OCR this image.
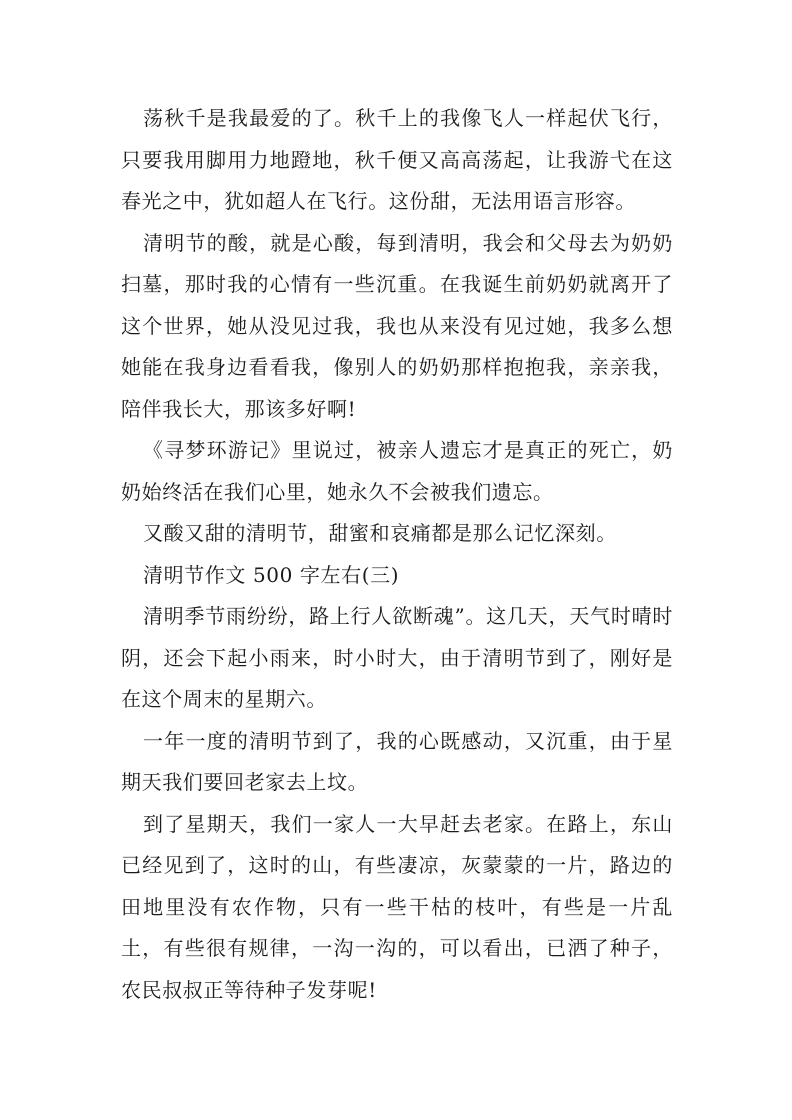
荡秋千是我最爱的了。秋千上的我像飞人一样起伏飞行，只要我用脚用力地蹬地，秋千便又高高荡起，让我游弋在这春光之中，犹如超人在飞行。这份甜，无法用语言形容。

清明节的酸，就是心酸，每到清明，我会和父母去为奶奶扫墓，那时我的心情有一些沉重。在我诞生前奶奶就离开了这个世界，她从没见过我，我也从来没有见过她，我多么想她能在我身边看看我，像别人的奶奶那样抱抱我，亲亲我，陪伴我长大，那该多好啊!

《寻梦环游记》里说过，被亲人遗忘才是真正的死亡，奶奶始终活在我们心里，她永久不会被我们遗忘。

又酸又甜的清明节，甜蜜和哀痛都是那么记忆深刻。

清明节作文 500 字左右(三)

清明季节雨纷纷，路上行人欲断魂”。这几天，天气时晴时阴，还会下起小雨来，时小时大，由于清明节到了，刚好是在这个周末的星期六。

一年一度的清明节到了，我的心既感动，又沉重，由于星期天我们要回老家去上坟。

到了星期天，我们一家人一大早赶去老家。在路上，东山已经见到了，这时的山，有些凄凉，灰蒙蒙的一片，路边的田地里没有农作物，只有一些干枯的枝叶，有些是一片乱土，有些很有规律，一沟一沟的，可以看出，已洒了种子，农民叔叔正等待种子发芽呢!
